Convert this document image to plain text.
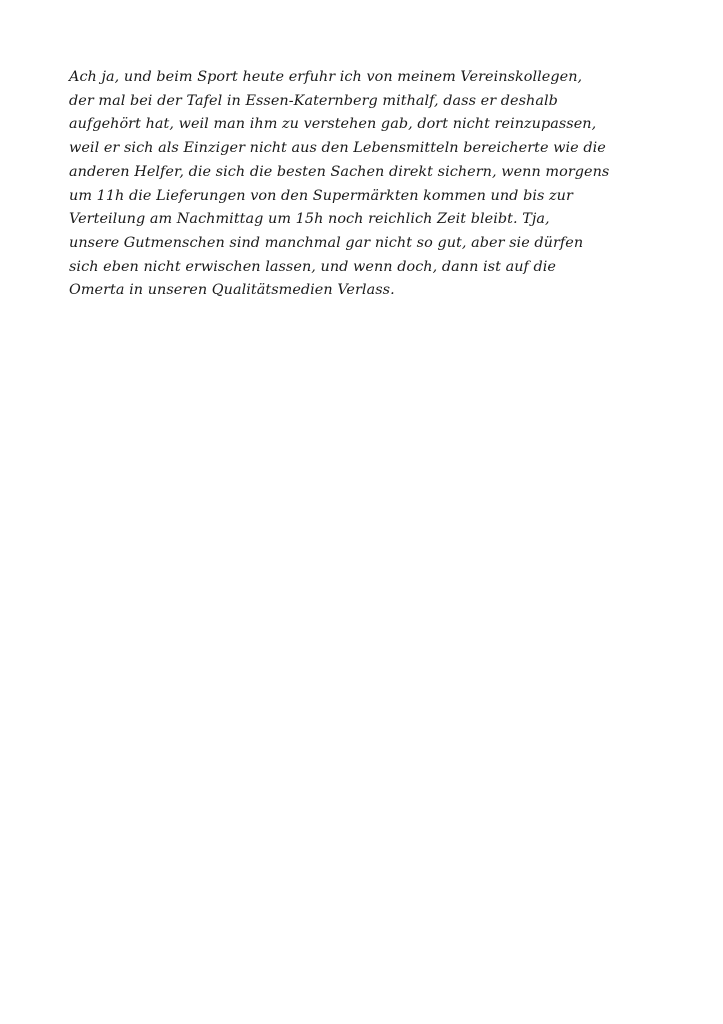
Ach ja, und beim Sport heute erfuhr ich von meinem Vereinskollegen,
der mal bei der Tafel in Essen-Katernberg mithalf, dass er deshalb
aufgehört hat, weil man ihm zu verstehen gab, dort nicht reinzupassen,
weil er sich als Einziger nicht aus den Lebensmitteln bereicherte wie die
anderen Helfer, die sich die besten Sachen direkt sichern, wenn morgens
um 11h die Lieferungen von den Supermärkten kommen und bis zur
Verteilung am Nachmittag um 15h noch reichlich Zeit bleibt. Tja,
unsere Gutmenschen sind manchmal gar nicht so gut, aber sie dürfen
sich eben nicht erwischen lassen, und wenn doch, dann ist auf die
Omerta in unseren Qualitätsmedien Verlass.
